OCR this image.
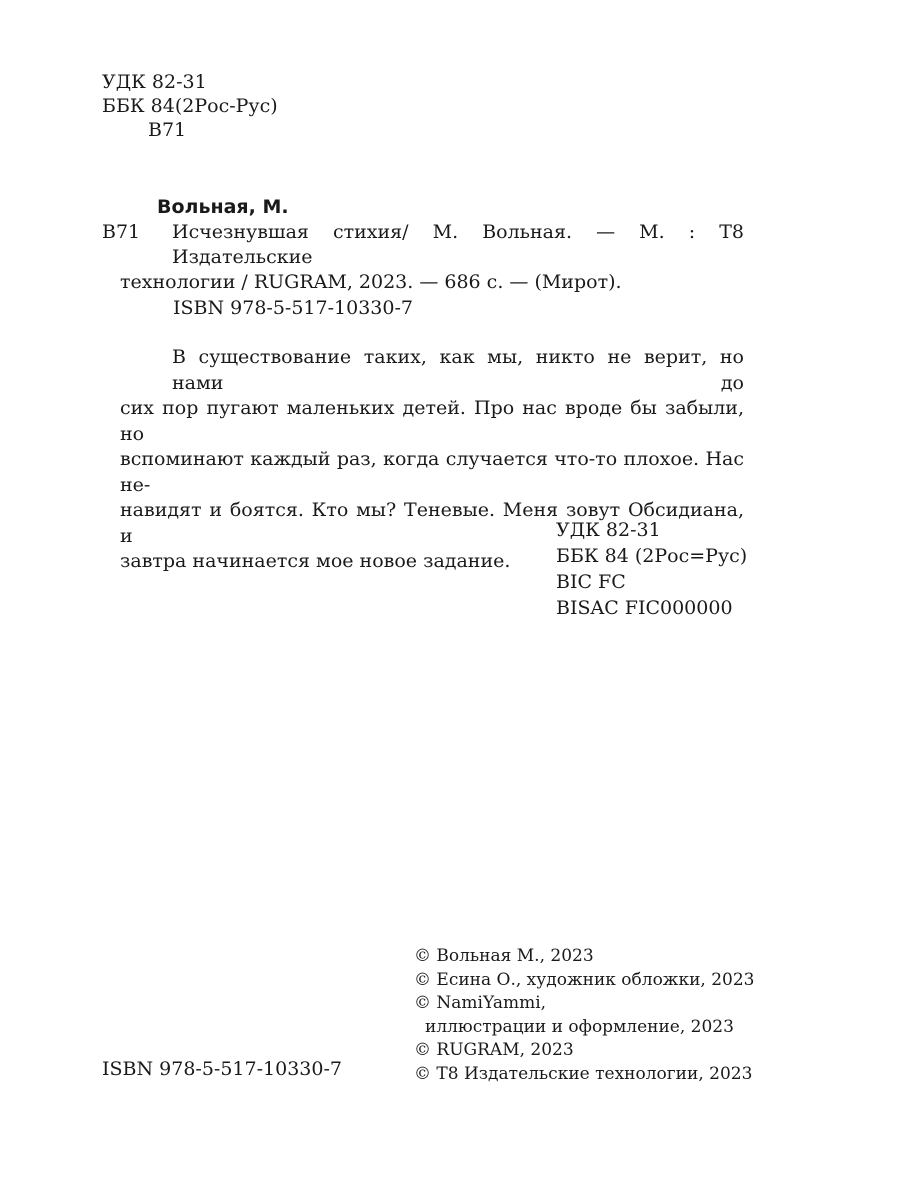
УДК 82-31
ББК 84(2Рос-Рус)
В71
Вольная, М.
В71	Исчезнувшая стихия/ М. Вольная. — М. : Т8 Издательские
технологии / RUGRAM, 2023. — 686 с. — (Мирот).
ISBN 978-5-517-10330-7
В существование таких, как мы, никто не верит, но нами до
сих пор пугают маленьких детей. Про нас вроде бы забыли, но
вспоминают каждый раз, когда случается что-то плохое. Нас не-
навидят и боятся. Кто мы? Теневые. Меня зовут Обсидиана, и
завтра начинается мое новое задание.
УДК 82-31
ББК 84 (2Рос=Рус)
BIC FC
BISAC FIC000000
© Вольная М., 2023
© Есина О., художник обложки, 2023
© NamiYammi,
иллюстрации и оформление, 2023
© RUGRAM, 2023
© Т8 Издательские технологии, 2023
ISBN 978-5-517-10330-7
